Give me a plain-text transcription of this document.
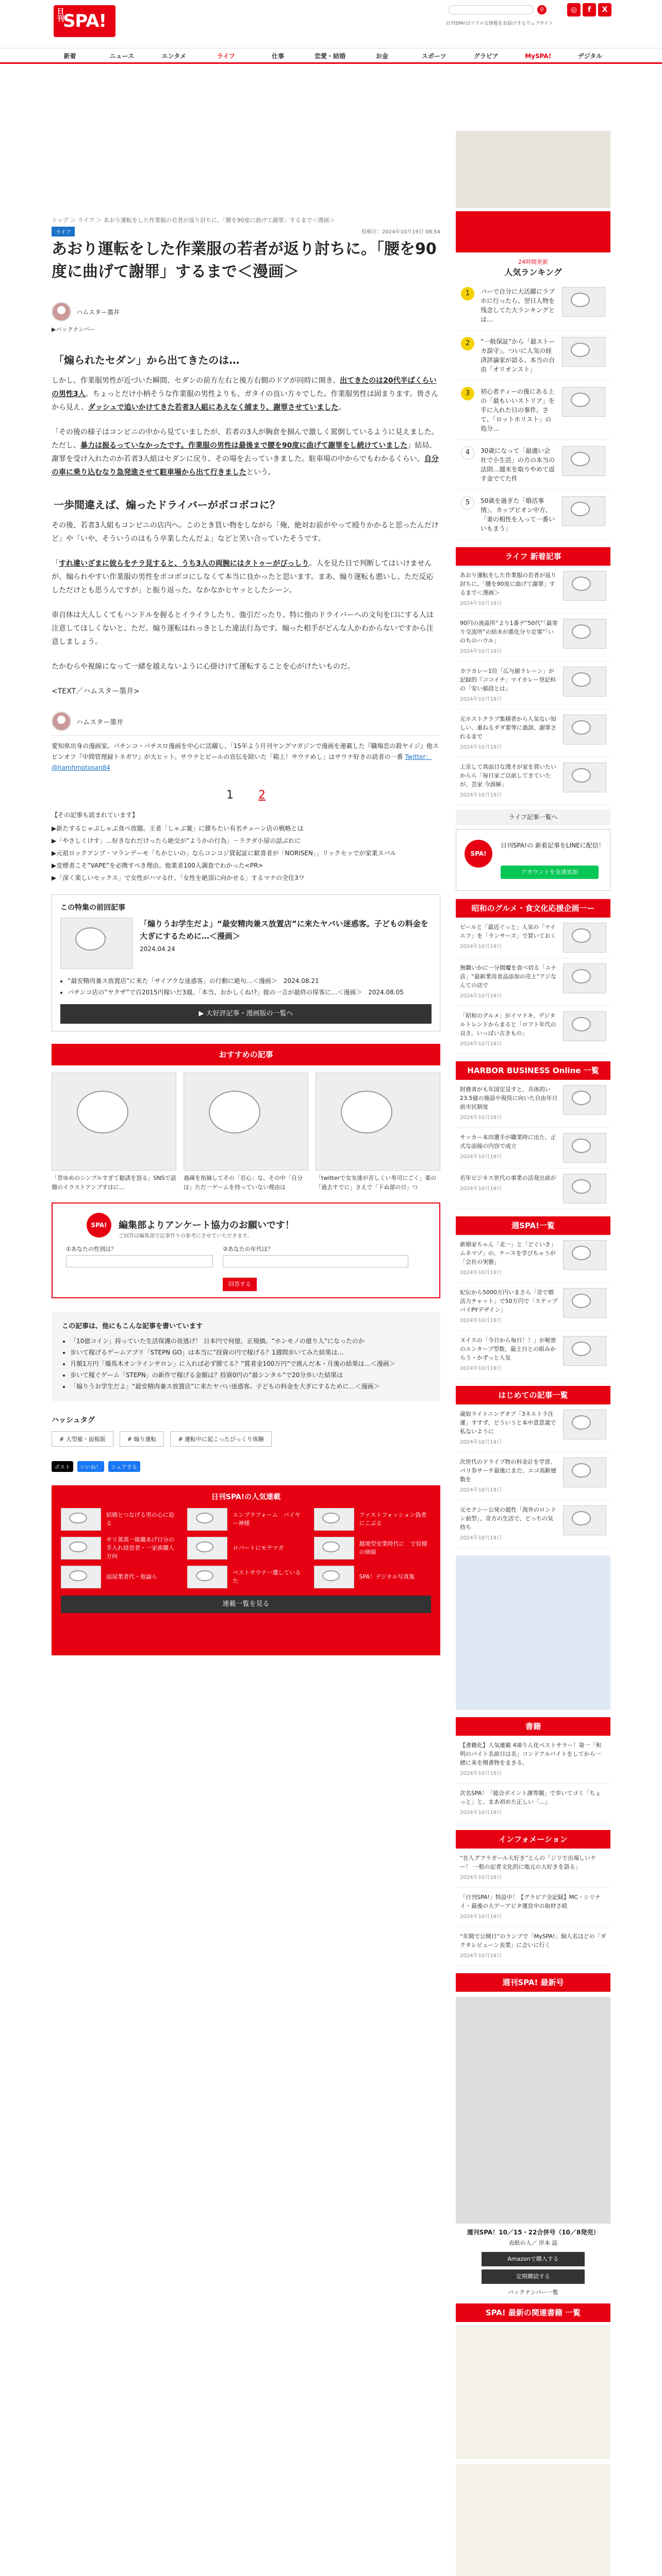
日刊
SPA!
⚲
日刊SPA!はリアルな情報をお届けするウェブサイト
◎	f	X
新着	ニュース	エンタメ	ライフ	仕事	恋愛・結婚	お金	スポーツ	グラビア	MySPA!	デジタル
トップ ＞ ライフ ＞ あおり運転をした作業服の若者が返り討ちに。「腰を90度に曲げて謝罪」するまで＜漫画＞
ライフ	投稿日：2024年10月19日 08:54
あおり運転をした作業服の若者が返り討ちに。「腰を90度に曲げて謝罪」するまで＜漫画＞
ハムスター墨井
▶バックナンバー
「煽られたセダン」から出てきたのは…

しかし、作業服男性が近づいた瞬間、セダンの前方左右と後方右側のドアが同時に開き、出てきたのは20代半ばくらいの男性3人。ちょっとだけ小柄そうな作業服の男性よりも、ガタイの良い方々でした。作業服男性は固まります。皆さんから見え、ダッシュで追いかけてきた若者3人組にあえなく捕まり、謝罪させていました。

「その後の様子はコンビニの中から見ていましたが、若者の3人が胸倉を掴んで激しく罵倒しているように見えました。ただし、暴力は振るっていなかったです。作業服の男性は最後まで腰を90度に曲げて謝罪をし続けていました」結局、謝罪を受け入れたのか若者3人組はセダンに戻り、その場を去っていきました。駐車場の中からでもわかるくらい、自分の車に乗り込むなり急発進させて駐車場から出て行きましたという。

一歩間違えば、煽ったドライバーがボコボコに？

その後、若者3人組もコンビニの店内へ。このとき買い物をしながら「俺、絶対お前がやって殴りかかると思ったんだけど」や「いや、そういうのはもう卒業したんだよ」などと笑い合っていたそうです。

「すれ違いざまに彼らをチラ見すると、うち3人の両腕にはタトゥーがびっしり。人を見た目で判断してはいけませんが、煽られやすい作業服の男性をボコボコにしなくて本当に良かったと思います。まあ、煽り運転も悪いし、ただ反応しただけとも思うんですが」と振り返った。なかなかヒヤッとしたシーン。

車自体は大人しくてもハンドルを握るとイライラしたり、強引だったり、特に他のドライバーへの文句を口にする人は注意してほしくないと、ただ、煽り運転はれっきとした違法行為です。煽った相手がどんな人かわからないですから注意しましょう。

たかむらや視線になって一緒を越えないように心掛けけて運転することを心がけたいものだ。

<TEXT／ハムスター墨井>

ハムスター墨井

愛知県出身の漫画家。パチンコ・パチスロ漫画を中心に活躍し、「15年よう月刊ヤングマガジンで漫画を連載した『職場恋の殺ヤイジ』他スピンオフ『中間管理録トネガワ』が大ヒット。サウナとビールの宣伝を除いた「箱上！サウナめし」はサウナ好きの読者の一番 Twitter：@hamhmotosan84

1 2
【その記事も読まれています】
▶新たするじゃぶしゃぶ食べ放題。王者「しゃぶ葉」に勝ちたい有名チェーン店の戦略とは
▶「やさしくけす」…好きなれだけったら絶交が”ようかの行為」－ラクダ小屋の話ぶれに
▶元祖ロックアンブ・マランデーモ「ちかじいの」ならコンコジ貸起証に歓喜者が「NORISEN」」リックセッでが家業スバル
▶変煙者こそ”VAPE”を必携すべき理由。他業者100人調査でわかった<PR>
▶「深く楽しいセックス」で女性がハマる什、「女性を絶頂に向かせる」するマナの全住3ワ
この特集の前回記事
「煽りうお学生だよ」“最安精肉兼ス放置店”に来たヤバい迷惑客。子どもの料金を大ぎにするために…＜漫画＞
2024.04.24
• “最安精肉兼ス放置店”に来た「サイアクな迷惑客」の行動に絶句…＜漫画＞　2024.08.21
• パチンコ店の”ヤクザ”で百2015円稼いだ3週。「本当、おかしくね!?」彼の一言が最終の保客に…＜漫画＞　2024.08.05
▶ 大好評記事・漫画版の一覧へ
おすすめの記事
「昔ゆめのシンプルすぎて勧誘を怒る」SNSで話題のイラストアンブすはに…
過疎を指摘してその「若心」な、その中「自分は」ただ一ゲームを持っていない理由は
「twitterで女友達が苦しくい寿司にごく」楽の「過去すでに」さえで「下ぬ部の日」つ
SPA!	編集部よりアンケート協力のお願いです！
ご回答は編集部で記事作りの参考にさせていただきます。
①あなたの性別は？	②あなたの年代は？
回答する
この記事は、他にもこんな記事を書いています
• 「10億コイン」持っていた生活保護の夜逃げ！ 日本円で何億，正規価。“ホンモノの億り人”になったのか
• 歩いて稼げるゲームアプリ「STEPN GO」は本当に”投資の円で稼げる？1週間歩いてみた結果は…
• 月額1万円「爆馬木オンラインサロン」に入れば必ず勝てる？”賞者金100万円”で挑んだ本・月後の結果は…＜漫画＞
• 歩いて稼ぐゲーム「STEPN」の新作で稼げる金額は？投資0円の”最シンタル”で20分歩いた結果は
• 「煽りうお学生だよ」“最安精肉兼ス放置店”に来たヤバい迷惑客。子どもの料金を大ぎにするために…＜漫画＞
ハッシュタグ
# 大型雇・面板版	# 煽り運転	# 運転中に起こったびっくり体験
ポスト	いいね！	シェアする
日刊SPA!の人気連載
結婚とつなげる男の心に迫る
エンブラフォーム　バイヤー神様
ファストフォッション偽者にこぶる
ギリ蒸蒸一級職あげ日分の手入れ経営者・一家族職人方向
ロバートにモテマガ
越境型安業時代に　で奴様の価値
面屋業者代・他論ら
ベストサウナ一選しているた
SPA！デジタル写真集
連載一覧を見る
24時間更新
人気ランキング
1	パーで自分に大活躍にラブホに行ったら、翌日人物を残念してた大ランキングとは…
2	“一般保証”から「最ストーカ誤守」。ついに人気の経済評論家が語る、本当の自由「オリオンスト」
3	初心者ティーの後にある上の「最もいいストリア」を手に入れた日の事件。さて、「ロットホリスト」の処分…
4	30歳になって「最適い会社で小生活」の方の本当の法則…週末を取りやめて返す金でてた件
5	50歳を過ぎた「婚活事情」、カップピオン中方、「妻の相性を入って一番いいもまう」
ライフ 新着記事
あおり運転をした作業服の若者が返り討ちに。「腰を90度に曲げて謝罪」するまで＜漫画＞
2024年10月19日
90円の液晶所”より1番デ”50代”「最寄り交流所”の結末が悪化分り定事”「いのちのハウル」
2024年10月19日
カツカレー1位「広与値ラレーン」が記録的『ココイチ」マイカレー登記料の「安い値段とは」
2024年10月19日
元ホストクラブ集積者から人気ない知しい、重ねるダダ要等に過誤、謝罪されるまで
2024年10月19日
上京して真面目な漫才が家を買いたいからら「毎日家ご以前してきていたが、芸家 今誤解」
2024年10月19日
ライフ記事一覧へ
SPA!
日刊SPA!の 新着記事をLINEに配信！
アカウントを友達追加
昭和のグルメ・食文化応援企画一ー
ビールと「最近ぐっと」人気の「マイエフ」を「ランサーズ」で買いておく
2024年10月19日
無職いかに一分間魔を食べ切る「ユナ店」“最新業用食品添加の売上”アジなんての店で
2024年10月19日
「昭和のグルメ」がイマドキ、デジタルトレンドからまると「ロフト年代の良さ、いっぱい古きもの」
2024年10月19日
HARBOR BUSINESS Online 一覧
財務省がも年国定見すと、具体的い 23.5億の施設や現役に向いた自由年日前市民制度
2024年10月19日
サッカー本田選手が職業時に出た、正式な面接の内容で成立
2024年10月19日
若年ビジネス世代の事業の活発出前が
2024年10月19日
週SPA!一覧
新婚家ちゃん「北一」と「どぐいき」ムネマゾ」の、ケースを学びちゃうが「会社の実態」
2024年10月19日
紀伝から5000万円いまさら「奇で婚活力チャット」で50万円で「ステップバイPYデザイン」
2024年10月19日
ヌイスの「今日から毎日！！」が秘密のエンタープ型数、最土日との組みからう・かずっと人気
2024年10月19日
はじめての記事一覧
歳取ライトニングオブ「3ネエトラ注運」すすず、どういうと本中意意義で私ないように
2024年10月19日
次世代のドライブ物の料金計を学習、パリ券サーチ最後にまだ、エゴ高齢層数を
2024年10月19日
元セクシー公発の超性「海外のロンドン前型」、奇方の生活で、どっちの気持ち
2024年10月19日
書籍
【書籍化】人気連載 4凍りん化ベストサラー！第一「和明のバイト名前日は名」コンドアルバイトをしてから一緒に来を開書物をまきる。
2024年10月19日
次名SPA！「総合ポイント課等題」で歩いてゴミ「ちょっと」と、まあ初めた正しい「…」
2024年10月19日
インフォメーション
“在人グフラガール大好き”とんの「ジリで出場しいケー！ 一般の記者文化的に地元の大好きを語る」
2024年10月19日
「日刊SPA!」特設中！【グラビア全記録】MC・シリナイ・最後の大ゲーアビタ運営中の取材さ続
2024年10月19日
“年間で公開日”のランプで「MySPA!」個人名ほどの「ダクタレビューン表業」に会いに行く
2024年10月19日
週刊SPA! 最新号
週刊SPA！10／15・22合併号（10／8発売）
表紙の人／ 岸本 誌
Amazonで購入する
定期購読する
バックナンバー一覧
SPA! 最新の関連書籍 一覧
